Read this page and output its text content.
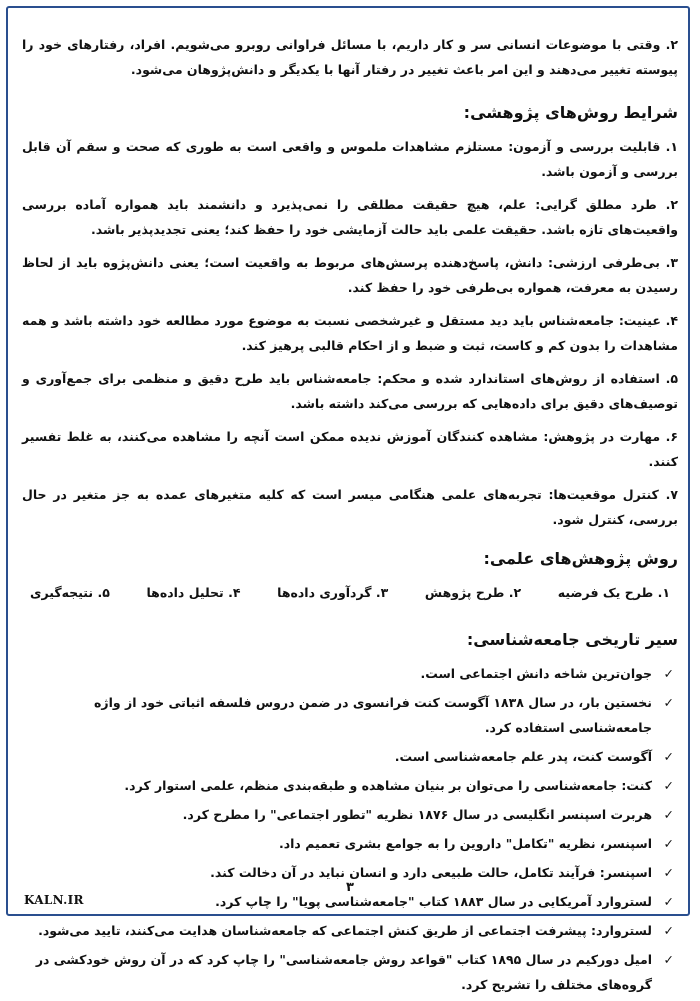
۲. وقتی با موضوعات انسانی سر و کار داریم، با مسائل فراوانی روبرو می‌شویم. افراد، رفتارهای خود را پیوسته تغییر می‌دهند و این امر باعث تغییر در رفتار آنها با یکدیگر و دانش‌پژوهان می‌شود.

شرایط روش‌های پژوهشی:

۱. قابلیت بررسی و آزمون: مستلزم مشاهدات ملموس و واقعی است به طوری که صحت و سقم آن قابل بررسی و آزمون باشد.

۲. طرد مطلق گرایی: علم، هیچ حقیقت مطلقی را نمی‌پذیرد و دانشمند باید همواره آماده بررسی واقعیت‌های تازه باشد. حقیقت علمی باید حالت آزمایشی خود را حفظ کند؛ یعنی تجدیدپذیر باشد.

۳. بی‌طرفی ارزشی: دانش، پاسخ‌دهنده پرسش‌های مربوط به واقعیت است؛ یعنی دانش‌پژوه باید از لحاظ رسیدن به معرفت، همواره بی‌طرفی خود را حفظ کند.

۴. عینیت: جامعه‌شناس باید دید مستقل و غیرشخصی نسبت به موضوع مورد مطالعه خود داشته باشد و همه مشاهدات را بدون کم و کاست، ثبت و ضبط و از احکام قالبی پرهیز کند.

۵. استفاده از روش‌های استاندارد شده و محکم: جامعه‌شناس باید طرح دقیق و منظمی برای جمع‌آوری و توصیف‌های دقیق برای داده‌هایی که بررسی می‌کند داشته باشد.

۶. مهارت در پژوهش: مشاهده کنندگان آموزش ندیده ممکن است آنچه را مشاهده می‌کنند، به غلط تفسیر کنند.

۷. کنترل موقعیت‌ها: تجربه‌های علمی هنگامی میسر است که کلیه متغیرهای عمده به جز متغیر در حال بررسی، کنترل شود.

روش پژوهش‌های علمی:
۱. طرح یک فرضیه
۲. طرح پژوهش
۳. گردآوری داده‌ها
۴. تحلیل داده‌ها
۵. نتیجه‌گیری
سیر تاریخی جامعه‌شناسی:
✓
جوان‌ترین شاخه دانش اجتماعی است.
✓
نخستین بار، در سال ۱۸۳۸ آگوست کنت فرانسوی در ضمن دروس فلسفه اثباتی خود از واژه جامعه‌شناسی استفاده کرد.
✓
آگوست کنت، پدر علم جامعه‌شناسی است.
✓
کنت: جامعه‌شناسی را می‌توان بر بنیان مشاهده و طبقه‌بندی منظم، علمی استوار کرد.
✓
هربرت اسپنسر انگلیسی در سال ۱۸۷۶ نظریه "تطور اجتماعی" را مطرح کرد.
✓
اسپنسر، نظریه "تکامل" داروین را به جوامع بشری تعمیم داد.
✓
اسپنسر: فرآیند تکامل، حالت طبیعی دارد و انسان نباید در آن دخالت کند.
✓
لستروارد آمریکایی در سال ۱۸۸۳ کتاب "جامعه‌شناسی پویا" را چاپ کرد.
✓
لستروارد: پیشرفت اجتماعی از طریق کنش اجتماعی که جامعه‌شناسان هدایت می‌کنند، تایید می‌شود.
✓
امیل دورکیم در سال ۱۸۹۵ کتاب "قواعد روش جامعه‌شناسی" را چاپ کرد که در آن روش خودکشی در گروه‌های مختلف را تشریح کرد.
۳
KALN.IR
